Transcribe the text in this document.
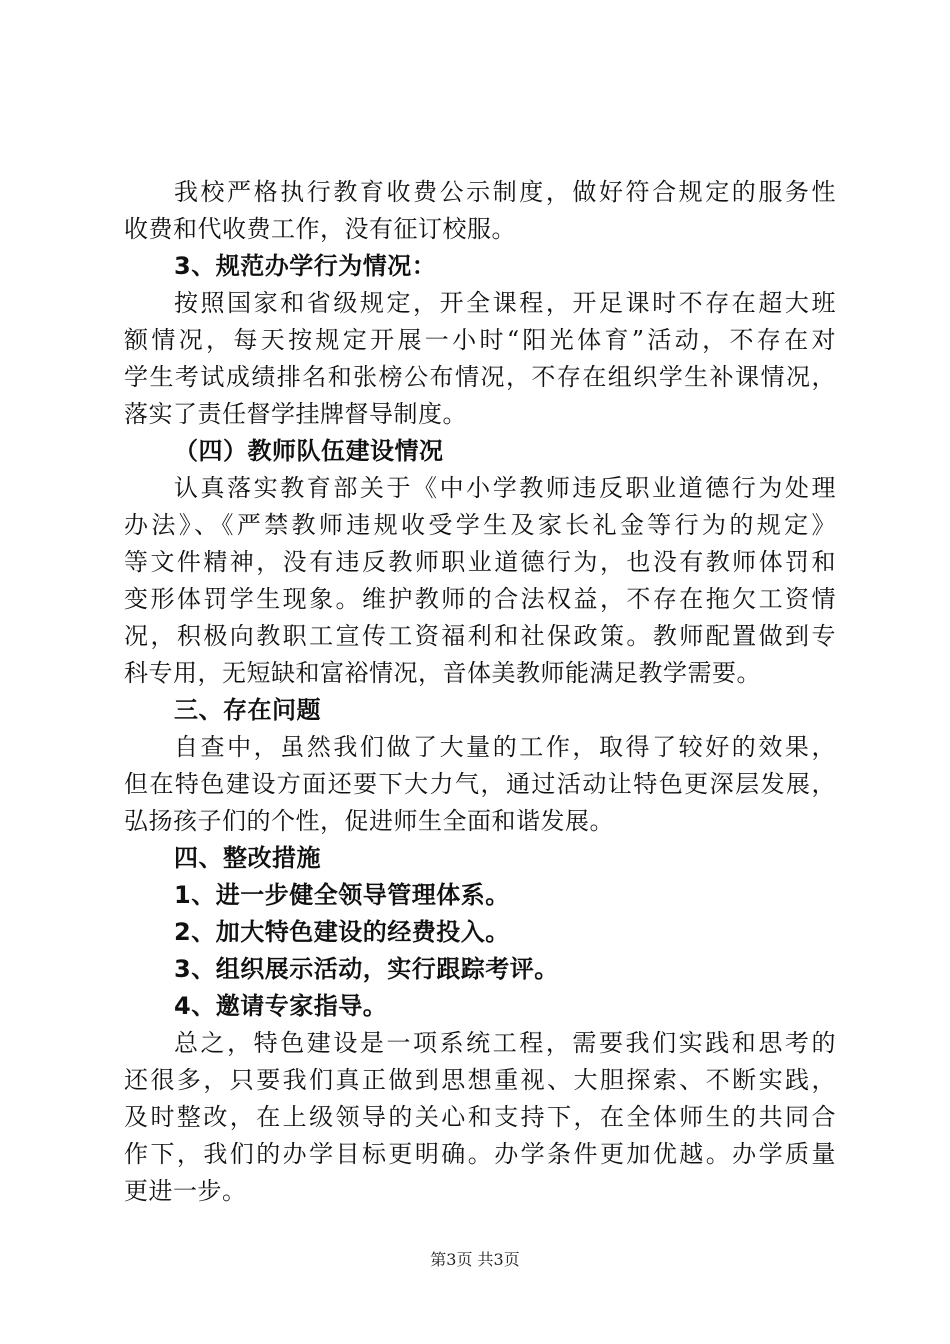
我校严格执行教育收费公示制度，做好符合规定的服务性
收费和代收费工作，没有征订校服。
3、规范办学行为情况：
按照国家和省级规定，开全课程，开足课时不存在超大班
额情况，每天按规定开展一小时“阳光体育”活动，不存在对
学生考试成绩排名和张榜公布情况，不存在组织学生补课情况，
落实了责任督学挂牌督导制度。
（四）教师队伍建设情况
认真落实教育部关于《中小学教师违反职业道德行为处理
办法》、《严禁教师违规收受学生及家长礼金等行为的规定》
等文件精神，没有违反教师职业道德行为，也没有教师体罚和
变形体罚学生现象。维护教师的合法权益，不存在拖欠工资情
况，积极向教职工宣传工资福利和社保政策。教师配置做到专
科专用，无短缺和富裕情况，音体美教师能满足教学需要。
三、存在问题
自查中，虽然我们做了大量的工作，取得了较好的效果，
但在特色建设方面还要下大力气，通过活动让特色更深层发展，
弘扬孩子们的个性，促进师生全面和谐发展。
四、整改措施
1、进一步健全领导管理体系。
2、加大特色建设的经费投入。
3、组织展示活动，实行跟踪考评。
4、邀请专家指导。
总之，特色建设是一项系统工程，需要我们实践和思考的
还很多，只要我们真正做到思想重视、大胆探索、不断实践，
及时整改，在上级领导的关心和支持下，在全体师生的共同合
作下，我们的办学目标更明确。办学条件更加优越。办学质量
更进一步。
第3页 共3页
